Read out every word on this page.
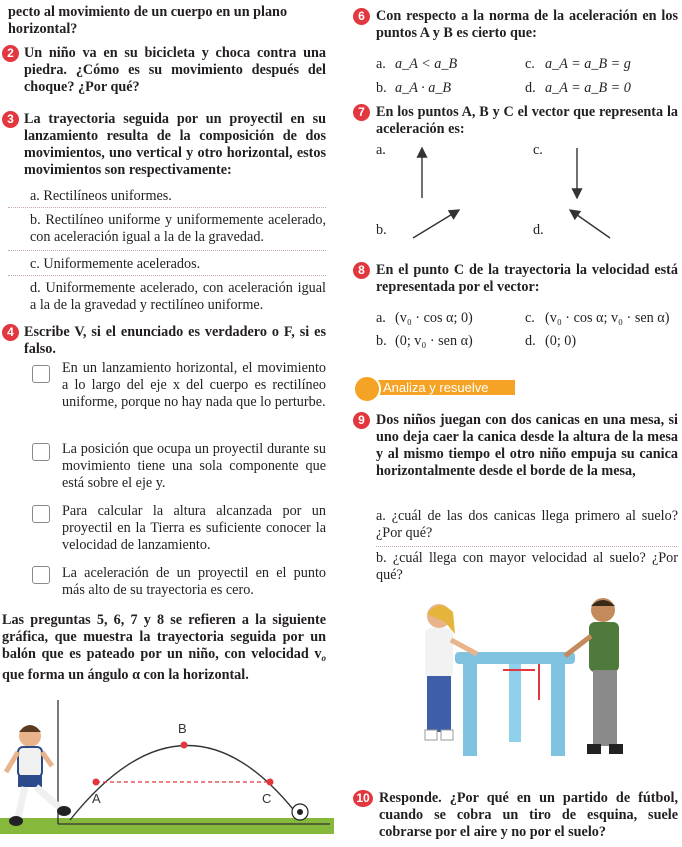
pecto al movimiento de un cuerpo en un plano horizontal?

2 Un niño va en su bicicleta y choca contra una piedra. ¿Cómo es su movimiento después del choque? ¿Por qué?

3 La trayectoria seguida por un proyectil en su lanzamiento resulta de la composición de dos movimientos, uno vertical y otro horizontal, estos movimientos son respectivamente:

a. Rectilíneos uniformes.
b. Rectilíneo uniforme y uniformemente acelerado, con aceleración igual a la de la gravedad.
c. Uniformemente acelerados.
d. Uniformemente acelerado, con aceleración igual a la de la gravedad y rectilíneo uniforme.
4 Escribe V, si el enunciado es verdadero o F, si es falso.

En un lanzamiento horizontal, el movimiento a lo largo del eje x del cuerpo es rectilíneo uniforme, porque no hay nada que lo perturbe.

La posición que ocupa un proyectil durante su movimiento tiene una sola componente que está sobre el eje y.

Para calcular la altura alcanzada por un proyectil en la Tierra es suficiente conocer la velocidad de lanzamiento.

La aceleración de un proyectil en el punto más alto de su trayectoria es cero.

Las preguntas 5, 6, 7 y 8 se refieren a la siguiente gráfica, que muestra la trayectoria seguida por un balón que es pateado por un niño, con velocidad $v_o$ que forma un ángulo α con la horizontal.

A
B
C
6 Con respecto a la norma de la aceleración en los puntos A y B es cierto que:

a. a_A < a_B	c. a_A = a_B = g
b. a_A · a_B	d. a_A = a_B = 0
7 En los puntos A, B y C el vector que representa la aceleración es:

a.	c.
b.	d.
8 En el punto C de la trayectoria la velocidad está representada por el vector:

a. (v₀ · cos α; 0)	c. (v₀ · cos α; v₀ · sen α)
b. (0; v₀ · sen α)	d. (0; 0)
Analiza y resuelve
9 Dos niños juegan con dos canicas en una mesa, si uno deja caer la canica desde la altura de la mesa y al mismo tiempo el otro niño empuja su canica horizontalmente desde el borde de la mesa,

a. ¿cuál de las dos canicas llega primero al suelo? ¿Por qué?

b. ¿cuál llega con mayor velocidad al suelo? ¿Por qué?

10 Responde. ¿Por qué en un partido de fútbol, cuando se cobra un tiro de esquina, suele cobrarse por el aire y no por el suelo?
